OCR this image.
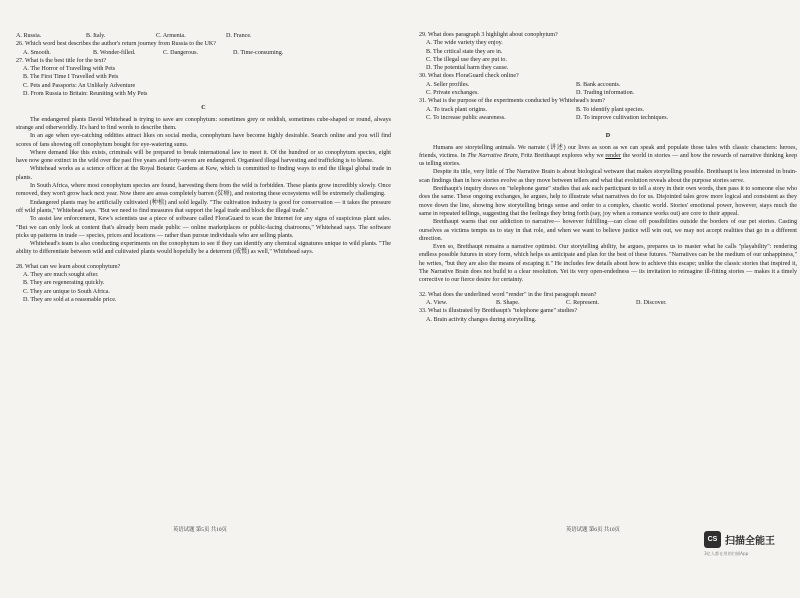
A. Russia.	B. Italy.	C. Armenia.	D. France.
26. Which word best describes the author's return journey from Russia to the UK?
A. Smooth.	B. Wonder-filled.	C. Dangerous.	D. Time-consuming.
27. What is the best title for the text?
A. The Horror of Travelling with Pets
B. The First Time I Travelled with Pets
C. Pets and Passports: An Unlikely Adventure
D. From Russia to Britain: Reuniting with My Pets
C

The endangered plants David Whitehead is trying to save are conophytum: sometimes grey or reddish, sometimes cube-shaped or round, always strange and otherworldly. It's hard to find words to describe them.

In an age when eye-catching oddities attract likes on social media, conophytum have become highly desirable. Search online and you will find scores of fans showing off conophytum bought for eye-watering sums.

Where demand like this exists, criminals will be prepared to break international law to meet it. Of the hundred or so conophytum species, eight have now gone extinct in the wild over the past five years and forty-seven are endangered. Organised illegal harvesting and trafficking is to blame.

Whitehead works as a science officer at the Royal Botanic Gardens at Kew, which is committed to finding ways to end the illegal global trade in plants.

In South Africa, where most conophytum species are found, harvesting them from the wild is forbidden. These plants grow incredibly slowly. Once removed, they won't grow back next year. Now there are areas completely barren (贫瘠), and restoring these ecosystems will be extremely challenging.

Endangered plants may be artificially cultivated (种植) and sold legally. "The cultivation industry is good for conservation — it takes the pressure off wild plants," Whitehead says. "But we need to find measures that support the legal trade and block the illegal trade."

To assist law enforcement, Kew's scientists use a piece of software called FloraGuard to scan the Internet for any signs of suspicious plant sales. "But we can only look at content that's already been made public — online marketplaces or public-facing chatrooms," Whitehead says. The software picks up patterns in trade — species, prices and locations — rather than pursue individuals who are selling plants.

Whitehead's team is also conducting experiments on the conophytum to see if they can identify any chemical signatures unique to wild plants. "The ability to differentiate between wild and cultivated plants would hopefully be a deterrent (威慑) as well," Whitehead says.

28. What can we learn about conophytum?
A. They are much sought after.
B. They are regenerating quickly.
C. They are unique to South Africa.
D. They are sold at a reasonable price.
英语试题 第5页 共10页
29. What does paragraph 3 highlight about conophytum?
A. The wide variety they enjoy.
B. The critical state they are in.
C. The illegal use they are put to.
D. The potential harm they cause.
30. What does FloraGuard check online?
A. Seller profiles.	B. Bank accounts.
C. Private exchanges.	D. Trading information.
31. What is the purpose of the experiments conducted by Whitehead's team?
A. To track plant origins.	B. To identify plant species.
C. To increase public awareness.	D. To improve cultivation techniques.
D

Humans are storytelling animals. We narrate (讲述) our lives as soon as we can speak and populate those tales with classic characters: heroes, friends, victims. In The Narrative Brain, Fritz Breithaupt explores why we render the world in stories — and how the rewards of narrative thinking keep us telling stories.

Despite its title, very little of The Narrative Brain is about biological wetware that makes storytelling possible. Breithaupt is less interested in brain-scan findings than in how stories evolve as they move between tellers and what that evolution reveals about the purpose stories serve.

Breithaupt's inquiry draws on "telephone game" studies that ask each participant to tell a story in their own words, then pass it to someone else who does the same. These ongoing exchanges, he argues, help to illustrate what narratives do for us. Disjointed tales grow more logical and consistent as they move down the line, showing how storytelling brings sense and order to a complex, chaotic world. Stories' emotional power, however, stays much the same in repeated tellings, suggesting that the feelings they bring forth (say, joy when a romance works out) are core to their appeal.

Breithaupt warns that our addiction to narrative— however fulfilling—can close off possibilities outside the borders of our pet stories. Casting ourselves as victims tempts us to stay in that role, and when we want to believe justice will win out, we may not accept realities that go in a different direction.

Even so, Breithaupt remains a narrative optimist. Our storytelling ability, he argues, prepares us to master what he calls "playability": rendering endless possible futures in story form, which helps us anticipate and plan for the best of these futures. "Narratives can be the medium of our unhappiness," he writes, "but they are also the means of escaping it." He includes few details about how to achieve this escape; unlike the classic stories that inspired it, The Narrative Brain does not build to a clear resolution. Yet its very open-endedness — its invitation to reimagine ill-fitting stories — makes it a timely corrective to our fierce desire for certainty.

32. What does the underlined word "render" in the first paragraph mean?
A. View.	B. Shape.	C. Represent.	D. Discover.
33. What is illustrated by Breithaupt's "telephone game" studies?
A. Brain activity changes during storytelling.
英语试题 第6页 共10页
CS 扫描全能王
3亿人都在用的扫描App
